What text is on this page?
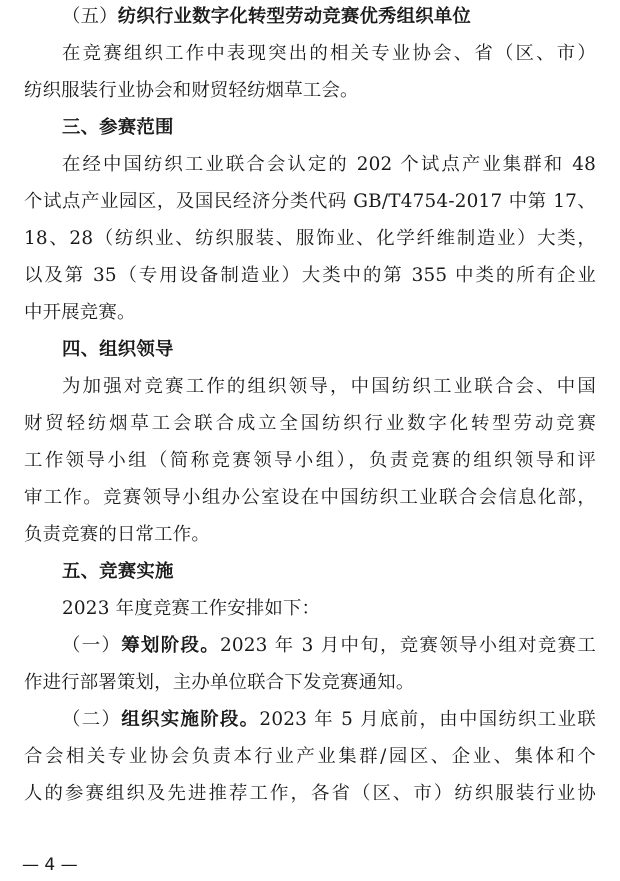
（五）纺织行业数字化转型劳动竞赛优秀组织单位
在竞赛组织工作中表现突出的相关专业协会、省（区、市）
纺织服装行业协会和财贸轻纺烟草工会。
三、参赛范围
在经中国纺织工业联合会认定的 202 个试点产业集群和 48
个试点产业园区，及国民经济分类代码 GB/T4754-2017 中第 17、
18、28（纺织业、纺织服装、服饰业、化学纤维制造业）大类，
以及第 35（专用设备制造业）大类中的第 355 中类的所有企业
中开展竞赛。
四、组织领导
为加强对竞赛工作的组织领导，中国纺织工业联合会、中国
财贸轻纺烟草工会联合成立全国纺织行业数字化转型劳动竞赛
工作领导小组（简称竞赛领导小组），负责竞赛的组织领导和评
审工作。竞赛领导小组办公室设在中国纺织工业联合会信息化部，
负责竞赛的日常工作。
五、竞赛实施
2023 年度竞赛工作安排如下：
（一）筹划阶段。2023 年 3 月中旬，竞赛领导小组对竞赛工
作进行部署策划，主办单位联合下发竞赛通知。
（二）组织实施阶段。2023 年 5 月底前，由中国纺织工业联
合会相关专业协会负责本行业产业集群/园区、企业、集体和个
人的参赛组织及先进推荐工作，各省（区、市）纺织服装行业协
— 4 —
